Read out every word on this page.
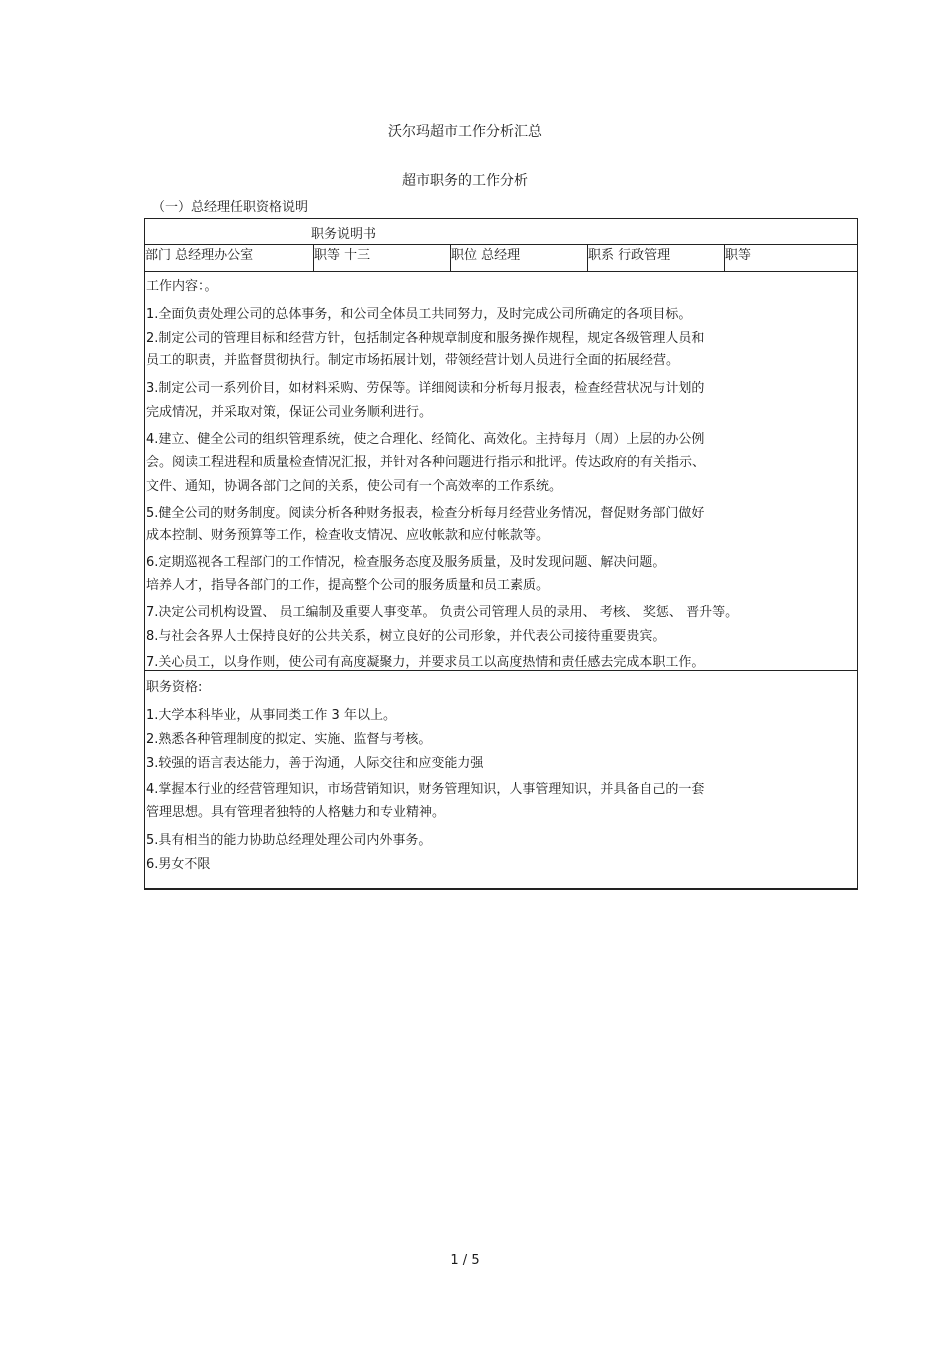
沃尔玛超市工作分析汇总
超市职务的工作分析
（一）总经理任职资格说明
职务说明书
部门 总经理办公室	职等 十三	职位 总经理	职系 行政管理	职等
工作内容：。
1.全面负责处理公司的总体事务，和公司全体员工共同努力，及时完成公司所确定的各项目标。
2.制定公司的管理目标和经营方针，包括制定各种规章制度和服务操作规程，规定各级管理人员和
员工的职责，并监督贯彻执行。制定市场拓展计划，带领经营计划人员进行全面的拓展经营。
3.制定公司一系列价目，如材料采购、劳保等。详细阅读和分析每月报表，检查经营状况与计划的
完成情况，并采取对策，保证公司业务顺利进行。
4.建立、健全公司的组织管理系统，使之合理化、经简化、高效化。主持每月（周）上层的办公例
会。阅读工程进程和质量检查情况汇报，并针对各种问题进行指示和批评。传达政府的有关指示、
文件、通知，协调各部门之间的关系，使公司有一个高效率的工作系统。
5.健全公司的财务制度。阅读分析各种财务报表，检查分析每月经营业务情况，督促财务部门做好
成本控制、财务预算等工作，检查收支情况、应收帐款和应付帐款等。
6.定期巡视各工程部门的工作情况，检查服务态度及服务质量，及时发现问题、解决问题。
培养人才，指导各部门的工作，提高整个公司的服务质量和员工素质。
7.决定公司机构设置、 员工编制及重要人事变革。 负责公司管理人员的录用、 考核、 奖惩、 晋升等。
8.与社会各界人士保持良好的公共关系，树立良好的公司形象，并代表公司接待重要贵宾。
7.关心员工，以身作则，使公司有高度凝聚力，并要求员工以高度热情和责任感去完成本职工作。
职务资格:
1.大学本科毕业，从事同类工作 3 年以上。
2.熟悉各种管理制度的拟定、实施、监督与考核。
3.较强的语言表达能力，善于沟通，人际交往和应变能力强
4.掌握本行业的经营管理知识，市场营销知识，财务管理知识，人事管理知识，并具备自己的一套
管理思想。具有管理者独特的人格魅力和专业精神。
5.具有相当的能力协助总经理处理公司内外事务。
6.男女不限
1 / 5
